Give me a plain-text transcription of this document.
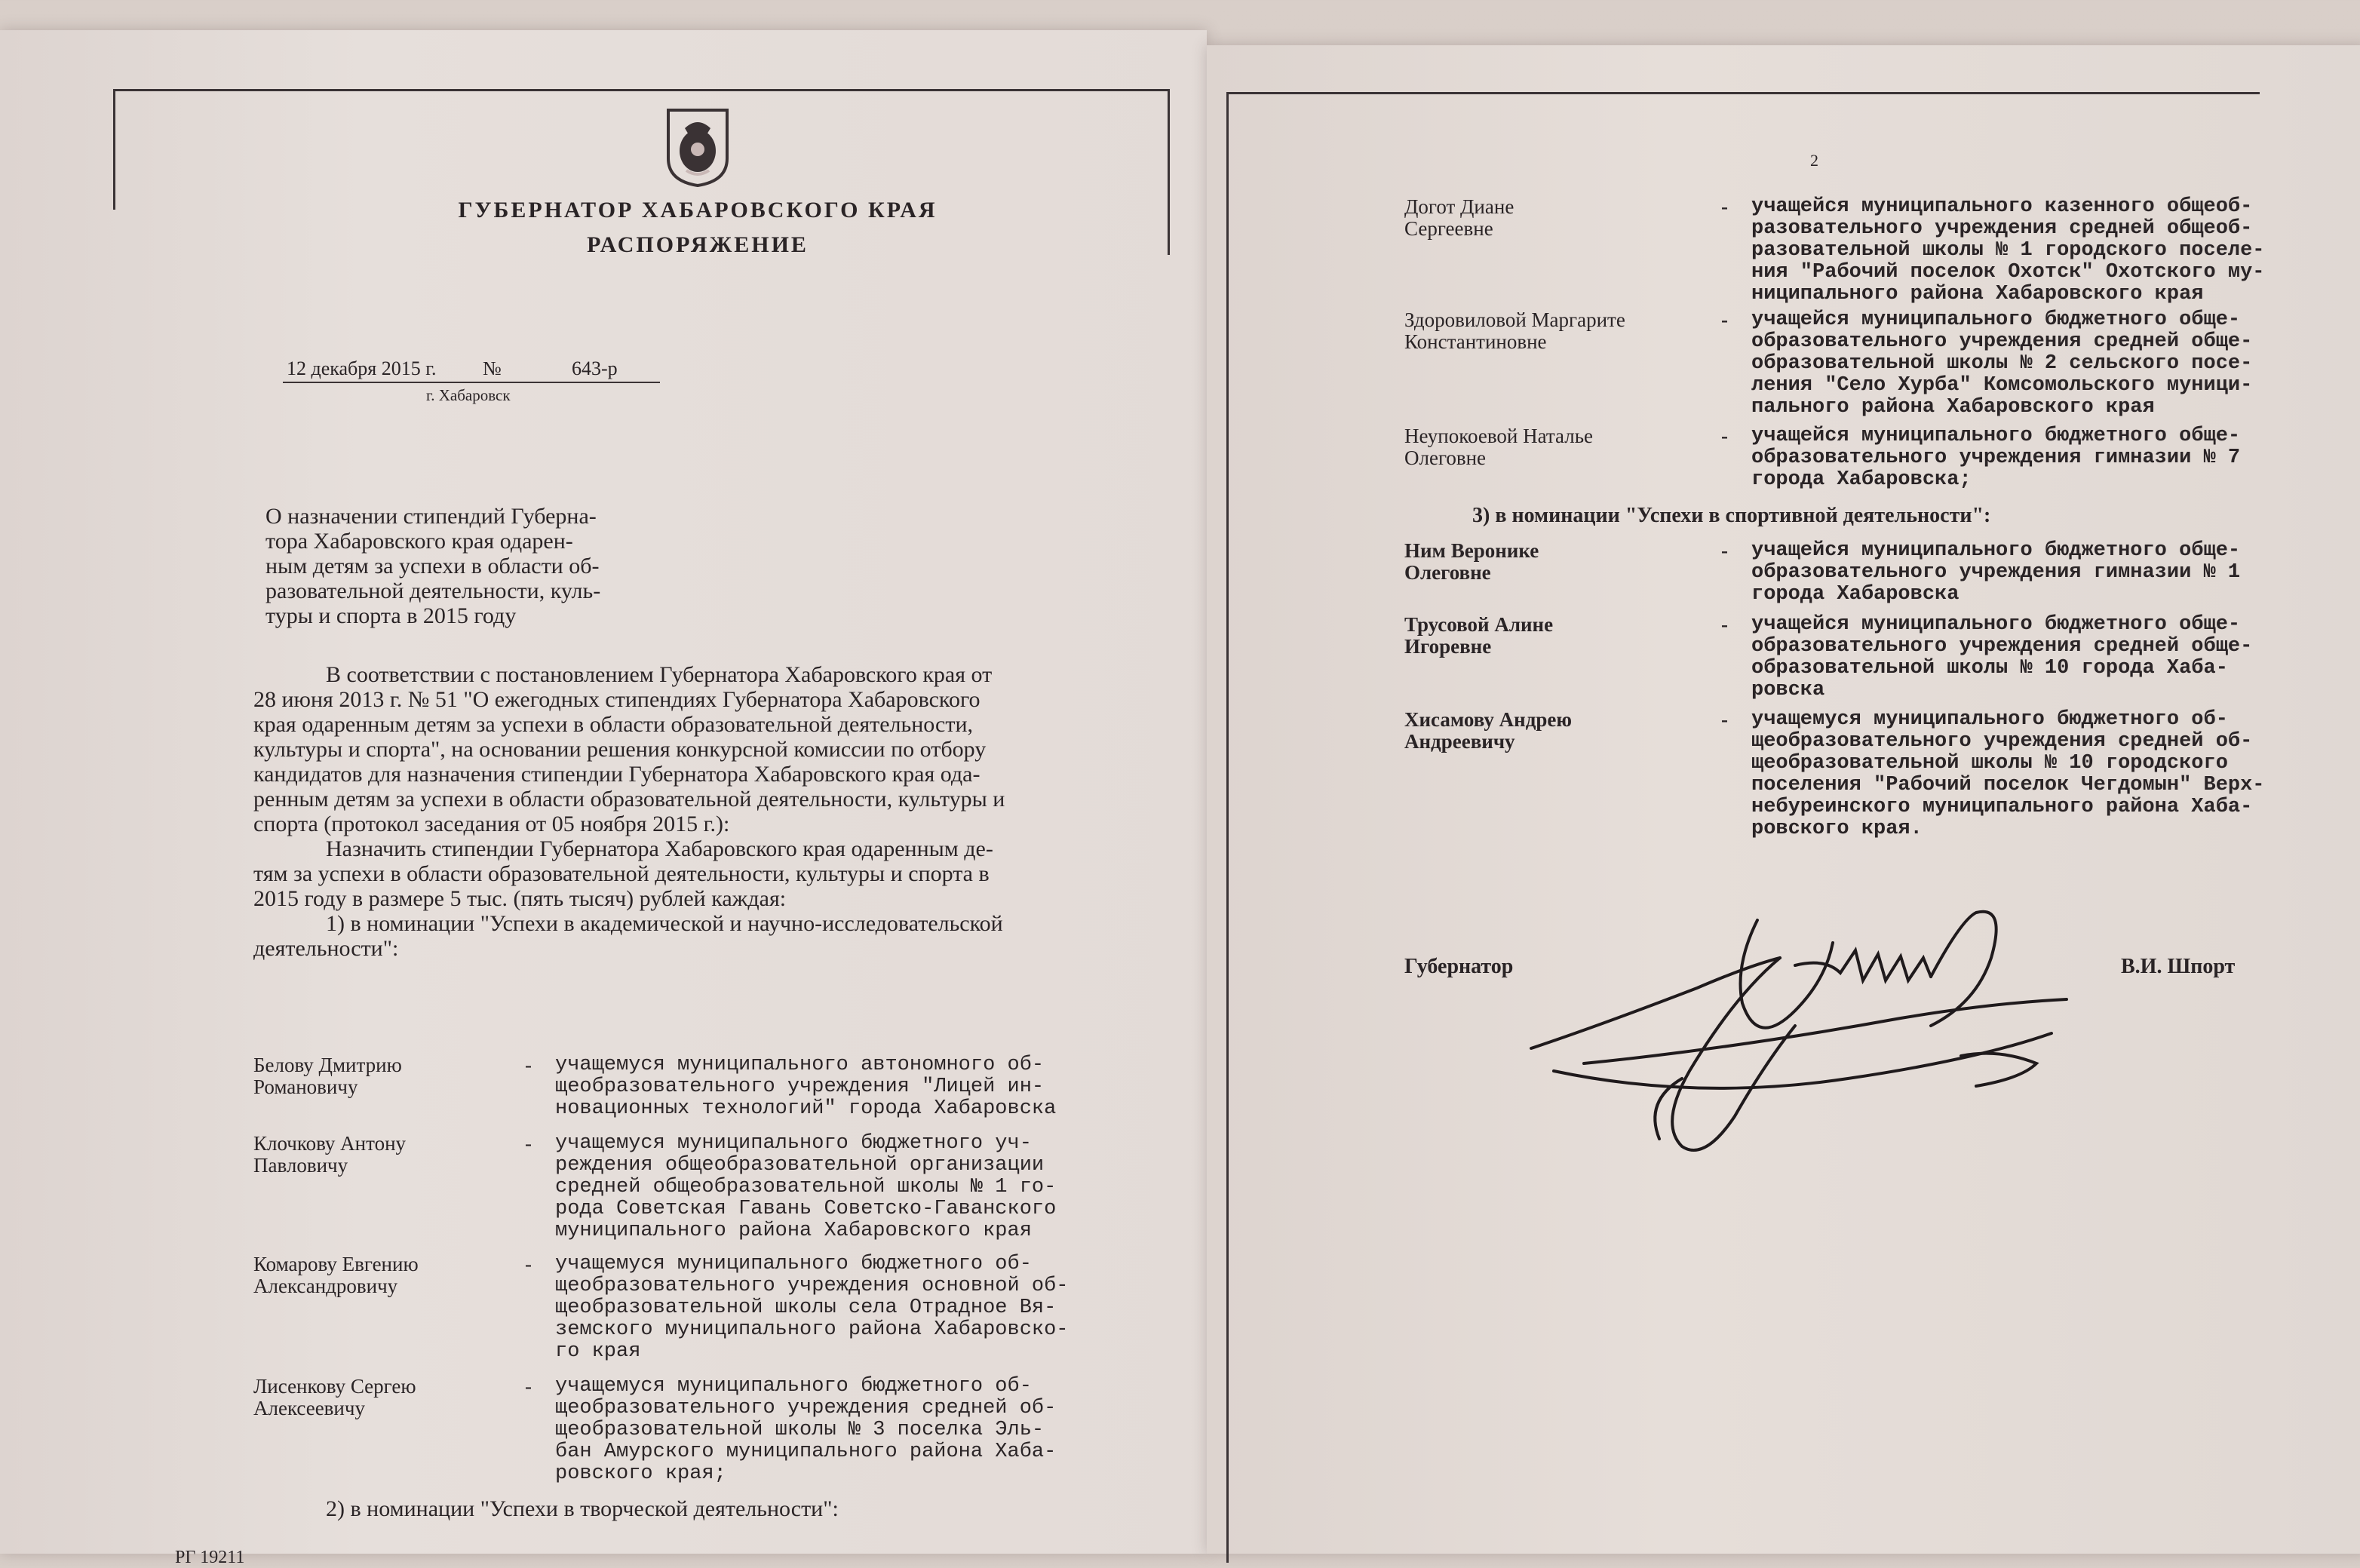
ГУБЕРНАТОР ХАБАРОВСКОГО КРАЯ
РАСПОРЯЖЕНИЕ
12 декабря 2015 г. №	643-р
г. Хабаровск
О назначении стипендий Губерна-
тора Хабаровского края одарен-
ным детям за успехи в области об-
разовательной деятельности, куль-
туры и спорта в 2015 году
В соответствии с постановлением Губернатора Хабаровского края от
28 июня 2013 г. № 51 "О ежегодных стипендиях Губернатора Хабаровского
края одаренным детям за успехи в области образовательной деятельности,
культуры и спорта", на основании решения конкурсной комиссии по отбору
кандидатов для назначения стипендии Губернатора Хабаровского края ода-
ренным детям за успехи в области образовательной деятельности, культуры и
спорта (протокол заседания от 05 ноября 2015 г.):
Назначить стипендии Губернатора Хабаровского края одаренным де-
тям за успехи в области образовательной деятельности, культуры и спорта в
2015 году в размере 5 тыс. (пять тысяч) рублей каждая:
1) в номинации "Успехи в академической и научно-исследовательской
деятельности":
Белову Дмитрию
Романовичу
-	учащемуся муниципального автономного об-
щеобразовательного учреждения "Лицей ин-
новационных технологий" города Хабаровска
Клочкову Антону
Павловичу
-	учащемуся муниципального бюджетного уч-
реждения общеобразовательной организации
средней общеобразовательной школы № 1 го-
рода Советская Гавань Советско-Гаванского
муниципального района Хабаровского края
Комарову Евгению
Александровичу
-	учащемуся муниципального бюджетного об-
щеобразовательного учреждения основной об-
щеобразовательной школы села Отрадное Вя-
земского муниципального района Хабаровско-
го края
Лисенкову Сергею
Алексеевичу
-	учащемуся муниципального бюджетного об-
щеобразовательного учреждения средней об-
щеобразовательной школы № 3 поселка Эль-
бан Амурского муниципального района Хаба-
ровского края;
2) в номинации "Успехи в творческой деятельности":
РГ 19211
2
Догот Диане
Сергеевне
-	учащейся муниципального казенного общеоб-
разовательного учреждения средней общеоб-
разовательной школы № 1 городского поселе-
ния "Рабочий поселок Охотск" Охотского му-
ниципального района Хабаровского края
Здоровиловой Маргарите
Константиновне
-	учащейся муниципального бюджетного обще-
образовательного учреждения средней обще-
образовательной школы № 2 сельского посе-
ления "Село Хурба" Комсомольского муници-
пального района Хабаровского края
Неупокоевой Наталье
Олеговне
-	учащейся муниципального бюджетного обще-
образовательного учреждения гимназии № 7
города Хабаровска;
3) в номинации "Успехи в спортивной деятельности":
Ним Веронике
Олеговне
-	учащейся муниципального бюджетного обще-
образовательного учреждения гимназии № 1
города Хабаровска
Трусовой Алине
Игоревне
-	учащейся муниципального бюджетного обще-
образовательного учреждения средней обще-
образовательной школы № 10 города Хаба-
ровска
Хисамову Андрею
Андреевичу
-	учащемуся муниципального бюджетного об-
щеобразовательного учреждения средней об-
щеобразовательной школы № 10 городского
поселения "Рабочий поселок Чегдомын" Верх-
небуреинского муниципального района Хаба-
ровского края.
Губернатор	В.И. Шпорт
